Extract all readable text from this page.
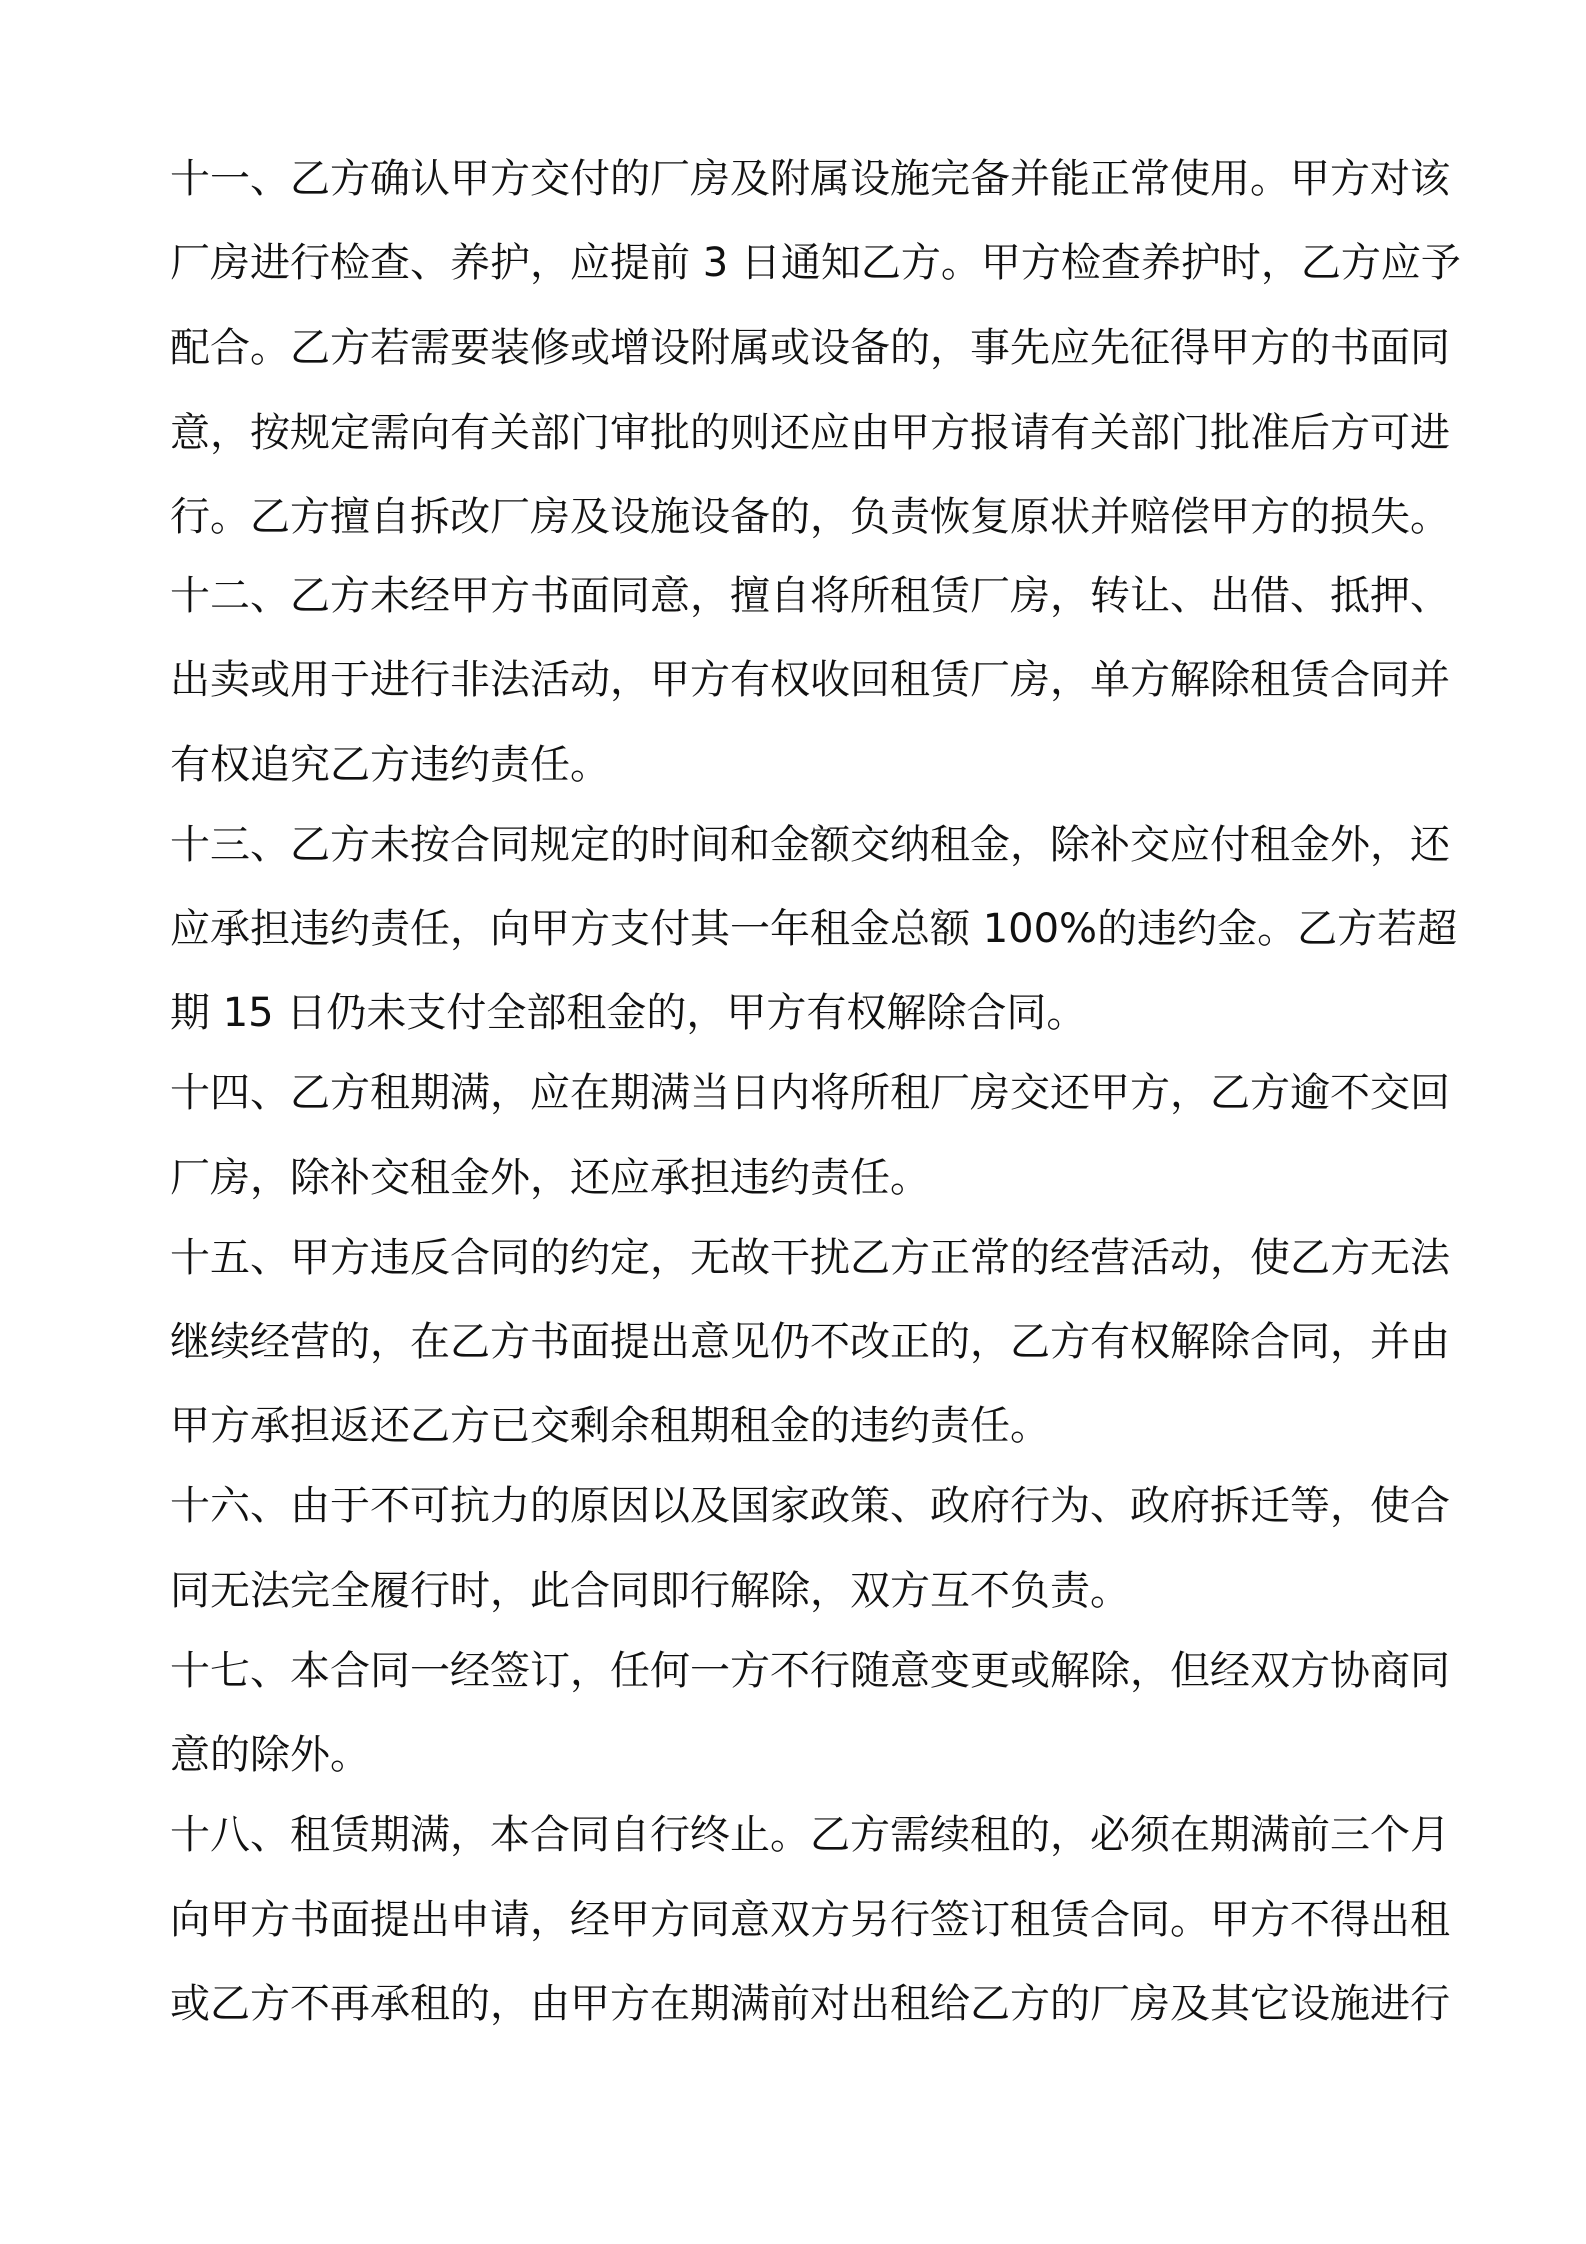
十一、乙方确认甲方交付的厂房及附属设施完备并能正常使用。甲方对该

厂房进行检查、养护，应提前 3 日通知乙方。甲方检查养护时，乙方应予

配合。乙方若需要装修或增设附属或设备的，事先应先征得甲方的书面同

意，按规定需向有关部门审批的则还应由甲方报请有关部门批准后方可进

行。乙方擅自拆改厂房及设施设备的，负责恢复原状并赔偿甲方的损失。

十二、乙方未经甲方书面同意，擅自将所租赁厂房，转让、出借、抵押、

出卖或用于进行非法活动，甲方有权收回租赁厂房，单方解除租赁合同并

有权追究乙方违约责任。

十三、乙方未按合同规定的时间和金额交纳租金，除补交应付租金外，还

应承担违约责任，向甲方支付其一年租金总额 100%的违约金。乙方若超

期 15 日仍未支付全部租金的，甲方有权解除合同。

十四、乙方租期满，应在期满当日内将所租厂房交还甲方，乙方逾不交回

厂房，除补交租金外，还应承担违约责任。

十五、甲方违反合同的约定，无故干扰乙方正常的经营活动，使乙方无法

继续经营的，在乙方书面提出意见仍不改正的，乙方有权解除合同，并由

甲方承担返还乙方已交剩余租期租金的违约责任。

十六、由于不可抗力的原因以及国家政策、政府行为、政府拆迁等，使合

同无法完全履行时，此合同即行解除，双方互不负责。

十七、本合同一经签订，任何一方不行随意变更或解除，但经双方协商同

意的除外。

十八、租赁期满，本合同自行终止。乙方需续租的，必须在期满前三个月

向甲方书面提出申请，经甲方同意双方另行签订租赁合同。甲方不得出租

或乙方不再承租的，由甲方在期满前对出租给乙方的厂房及其它设施进行
